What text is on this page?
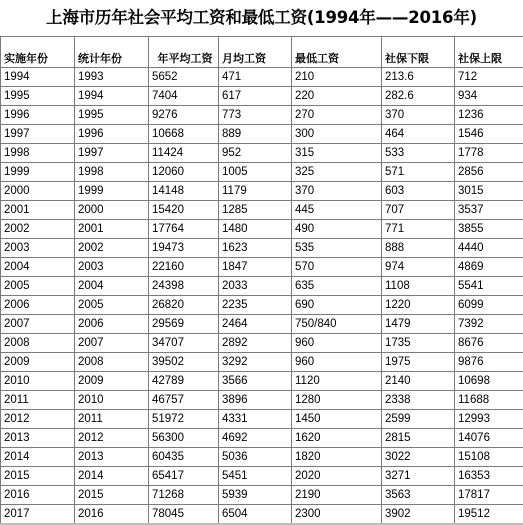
上海市历年社会平均工资和最低工资(1994年——2016年)
实施年份	统计年份	年平均工资	月均工资	最低工资	社保下限	社保上限
1994	1993	5652	471	210	213.6	712
1995	1994	7404	617	220	282.6	934
1996	1995	9276	773	270	370	1236
1997	1996	10668	889	300	464	1546
1998	1997	11424	952	315	533	1778
1999	1998	12060	1005	325	571	2856
2000	1999	14148	1179	370	603	3015
2001	2000	15420	1285	445	707	3537
2002	2001	17764	1480	490	771	3855
2003	2002	19473	1623	535	888	4440
2004	2003	22160	1847	570	974	4869
2005	2004	24398	2033	635	1108	5541
2006	2005	26820	2235	690	1220	6099
2007	2006	29569	2464	750/840	1479	7392
2008	2007	34707	2892	960	1735	8676
2009	2008	39502	3292	960	1975	9876
2010	2009	42789	3566	1120	2140	10698
2011	2010	46757	3896	1280	2338	11688
2012	2011	51972	4331	1450	2599	12993
2013	2012	56300	4692	1620	2815	14076
2014	2013	60435	5036	1820	3022	15108
2015	2014	65417	5451	2020	3271	16353
2016	2015	71268	5939	2190	3563	17817
2017	2016	78045	6504	2300	3902	19512
